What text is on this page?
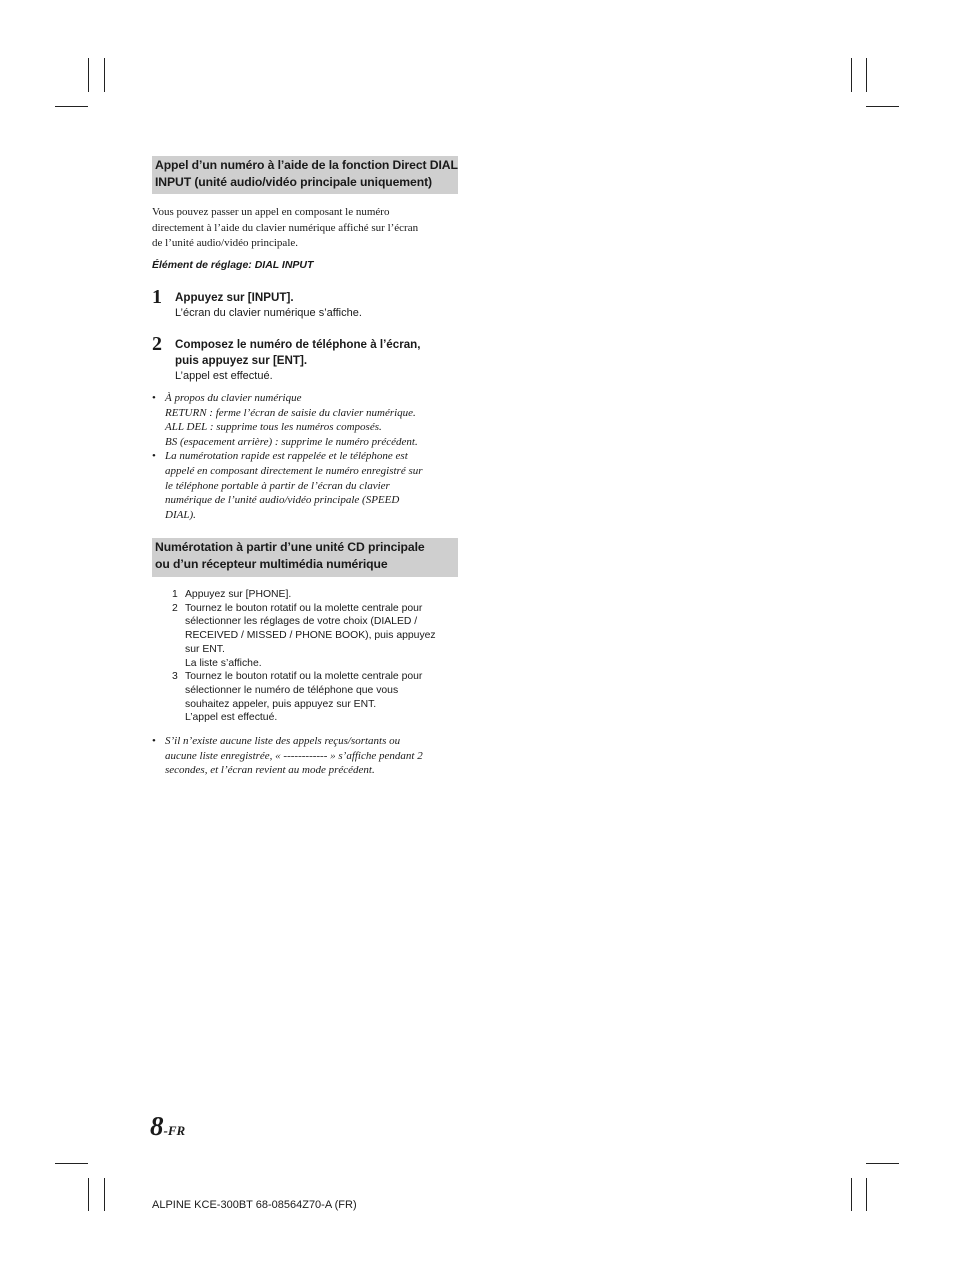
Appel d’un numéro à l’aide de la fonction Direct DIAL
INPUT (unité audio/vidéo principale uniquement)
Vous pouvez passer un appel en composant le numéro
directement à l’aide du clavier numérique affiché sur l’écran
de l’unité audio/vidéo principale.
Élément de réglage: DIAL INPUT
1 Appuyez sur [INPUT].
L’écran du clavier numérique s’affiche.
2 Composez le numéro de téléphone à l’écran,
puis appuyez sur [ENT].
L’appel est effectué.
• À propos du clavier numérique
RETURN : ferme l’écran de saisie du clavier numérique.
ALL DEL : supprime tous les numéros composés.
BS (espacement arrière) : supprime le numéro précédent.
• La numérotation rapide est rappelée et le téléphone est
appelé en composant directement le numéro enregistré sur
le téléphone portable à partir de l’écran du clavier
numérique de l’unité audio/vidéo principale (SPEED
DIAL).
Numérotation à partir d’une unité CD principale
ou d’un récepteur multimédia numérique
1 Appuyez sur [PHONE].
2 Tournez le bouton rotatif ou la molette centrale pour
sélectionner les réglages de votre choix (DIALED /
RECEIVED / MISSED / PHONE BOOK), puis appuyez
sur ENT.
La liste s’affiche.
3 Tournez le bouton rotatif ou la molette centrale pour
sélectionner le numéro de téléphone que vous
souhaitez appeler, puis appuyez sur ENT.
L’appel est effectué.
• S’il n’existe aucune liste des appels reçus/sortants ou
aucune liste enregistrée, « ------------ » s’affiche pendant 2
secondes, et l’écran revient au mode précédent.
8-FR
ALPINE KCE-300BT 68-08564Z70-A (FR)
